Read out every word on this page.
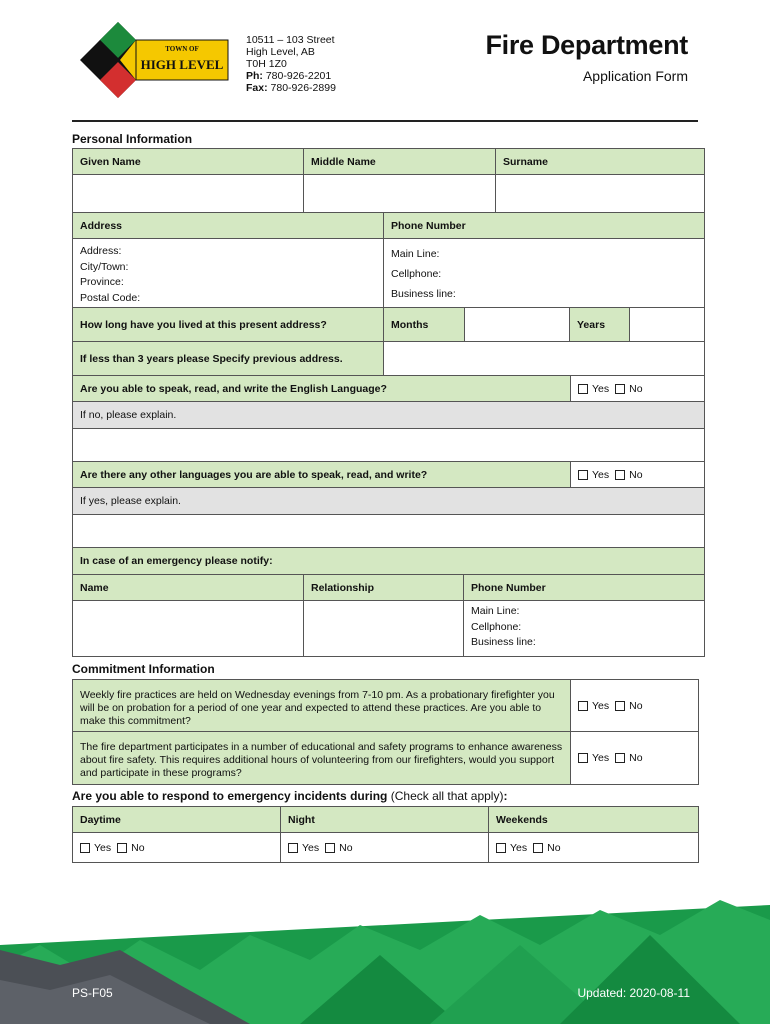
TOWN OF
HIGH LEVEL
10511 – 103 Street
High Level, AB
T0H 1Z0
Ph: 780-926-2201
Fax: 780-926-2899
Fire Department
Application Form
Personal Information
Given Name	Middle Name	Surname
Address	Phone Number
Address:
City/Town:
Province:
Postal Code:
Main Line:
Cellphone:
Business line:
How long have you lived at this present address?	Months	Years
If less than 3 years please Specify previous address.
Are you able to speak, read, and write the English Language?	Yes No
If no, please explain.
Are there any other languages you are able to speak, read, and write?	Yes No
If yes, please explain.
In case of an emergency please notify:
Name	Relationship	Phone Number
Main Line:
Cellphone:
Business line:
Commitment Information
Weekly fire practices are held on Wednesday evenings from 7-10 pm. As a probationary firefighter you will be on probation for a period of one year and expected to attend these practices. Are you able to make this commitment?
Yes No
The fire department participates in a number of educational and safety programs to enhance awareness about fire safety. This requires additional hours of volunteering from our firefighters, would you support and participate in these programs?
Yes No
Are you able to respond to emergency incidents during (Check all that apply):
Daytime	Night	Weekends
Yes No	Yes No	Yes No
PS-F05	Updated: 2020-08-11
